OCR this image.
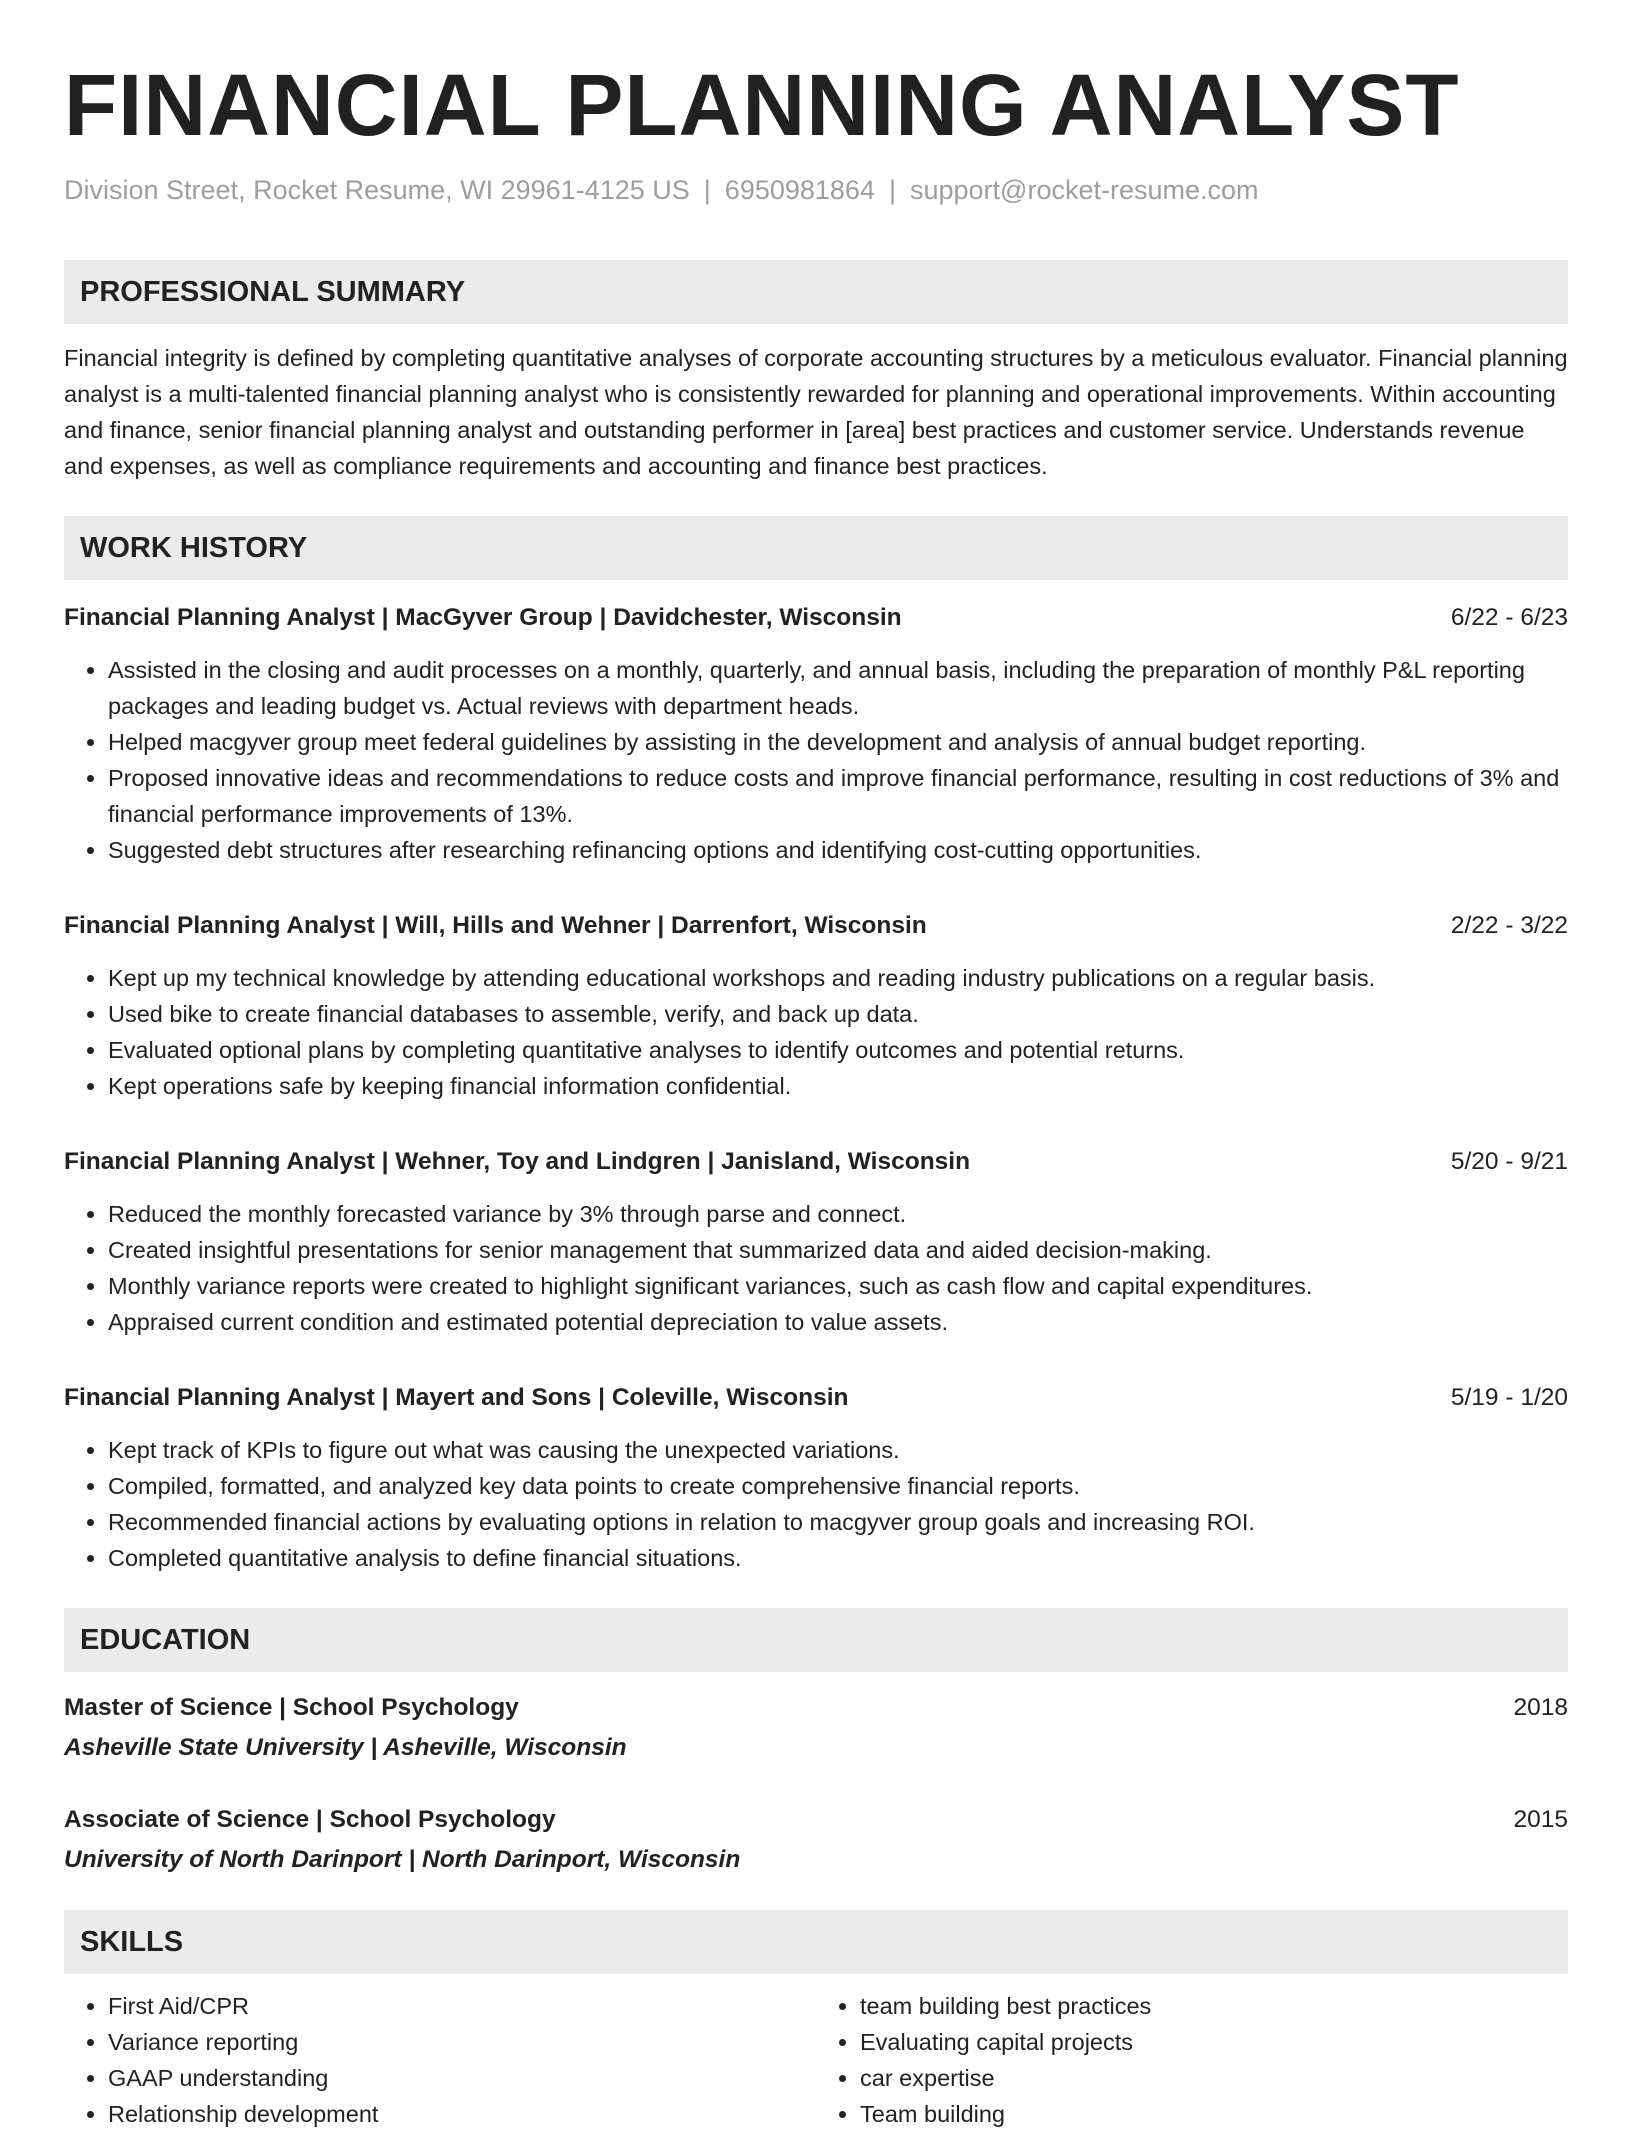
FINANCIAL PLANNING ANALYST
Division Street, Rocket Resume, WI 29961-4125 US | 6950981864 | support@rocket-resume.com
PROFESSIONAL SUMMARY
Financial integrity is defined by completing quantitative analyses of corporate accounting structures by a meticulous evaluator. Financial planning analyst is a multi-talented financial planning analyst who is consistently rewarded for planning and operational improvements. Within accounting and finance, senior financial planning analyst and outstanding performer in [area] best practices and customer service. Understands revenue and expenses, as well as compliance requirements and accounting and finance best practices.
WORK HISTORY
Financial Planning Analyst | MacGyver Group | Davidchester, Wisconsin	6/22 - 6/23
• Assisted in the closing and audit processes on a monthly, quarterly, and annual basis, including the preparation of monthly P&L reporting packages and leading budget vs. Actual reviews with department heads.
• Helped macgyver group meet federal guidelines by assisting in the development and analysis of annual budget reporting.
• Proposed innovative ideas and recommendations to reduce costs and improve financial performance, resulting in cost reductions of 3% and financial performance improvements of 13%.
• Suggested debt structures after researching refinancing options and identifying cost-cutting opportunities.
Financial Planning Analyst | Will, Hills and Wehner | Darrenfort, Wisconsin	2/22 - 3/22
• Kept up my technical knowledge by attending educational workshops and reading industry publications on a regular basis.
• Used bike to create financial databases to assemble, verify, and back up data.
• Evaluated optional plans by completing quantitative analyses to identify outcomes and potential returns.
• Kept operations safe by keeping financial information confidential.
Financial Planning Analyst | Wehner, Toy and Lindgren | Janisland, Wisconsin	5/20 - 9/21
• Reduced the monthly forecasted variance by 3% through parse and connect.
• Created insightful presentations for senior management that summarized data and aided decision-making.
• Monthly variance reports were created to highlight significant variances, such as cash flow and capital expenditures.
• Appraised current condition and estimated potential depreciation to value assets.
Financial Planning Analyst | Mayert and Sons | Coleville, Wisconsin	5/19 - 1/20
• Kept track of KPIs to figure out what was causing the unexpected variations.
• Compiled, formatted, and analyzed key data points to create comprehensive financial reports.
• Recommended financial actions by evaluating options in relation to macgyver group goals and increasing ROI.
• Completed quantitative analysis to define financial situations.
EDUCATION
Master of Science | School Psychology	2018
Asheville State University | Asheville, Wisconsin
Associate of Science | School Psychology	2015
University of North Darinport | North Darinport, Wisconsin
SKILLS
• First Aid/CPR
• Variance reporting
• GAAP understanding
• Relationship development
• team building best practices
• Evaluating capital projects
• car expertise
• Team building
